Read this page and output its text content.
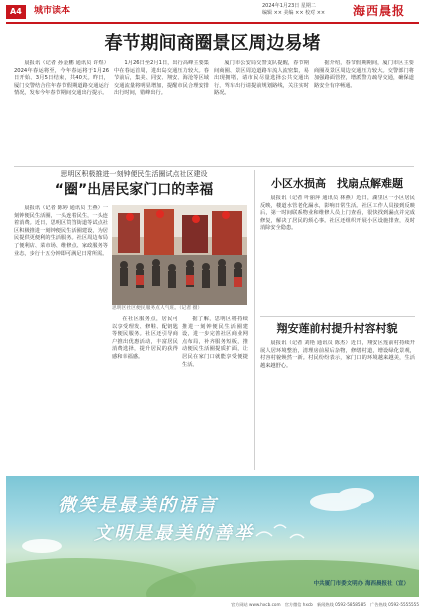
A4	城市读本	2024年1月23日 星期二
编辑 ×× 美编 ×× 校对 ×× 海西晨报
春节期间商圈景区周边易堵

晨报讯（记者 孙金鹏 通讯员 许煜）2024年春运将至，今年春运将于1月26日开始、3月5日结束，共40天。昨日，厦门交警结合往年春节假期道路交通运行情况，发布今年春节期间交通出行提示。

1月26日至2月1日，出行高峰主要集中在春运首周，进出岛交通压力较大。春节前后，集美、同安、翔安、海沧等区域交通流量将明显增加，提醒市民合理安排出行时间，错峰出行。

厦门市公安局交警支队提醒，春节期间商圈、景区周边道路车流人流密集，易出现拥堵，请市民尽量选择公共交通出行，驾车出行请提前规划路线，关注实时路况。

据介绍，春节假期期间，厦门市区主要商圈及景区周边交通压力较大。交警部门将加强路面管控，增派警力疏导交通，确保道路安全有序畅通。

思明区积极推进一刻钟便民生活圈试点社区建设
“圈”出居民家门口的幸福

晨报讯（记者 陈婷 通讯员 王燕）一刻钟便民生活圈，一头连着民生，一头连着消费。近日，思明区筼筜街道等试点社区积极推进一刻钟便民生活圈建设，为居民提供更便利的生活服务。社区周边布局了便利店、菜市场、维修点、家政服务等业态，步行十五分钟即可满足日常所需。

思明区社区便民服务点人气旺。（记者 摄）

在社区服务点，居民可以享受理发、修鞋、配钥匙等便民服务。社区还引导商户推出优惠活动，丰富居民消费选择，提升居民的获得感和幸福感。

据了解，思明区将持续推进一刻钟便民生活圈建设，进一步完善社区商业网点布局，补齐服务短板，推动便民生活圈提质扩面，让居民在家门口就能享受便捷生活。

小区水损高　找扇点解难题

晨报讯（记者 叶丽萍 通讯员 林燕）近日，湖里区一小区居民反映，楼道水管老化漏水，影响日常生活。社区工作人员接到反映后，第一时间联系物业和维修人员上门查看，很快找到漏点并完成修复，解决了居民的烦心事。社区还组织开展小区设施排查，及时消除安全隐患。

翔安莲前村提升村容村貌

晨报讯（记者 刘艳 通讯员 陈杰）近日，翔安区莲前村持续开展人居环境整治，清理房前屋后杂物，修缮村道，增设绿化景观，村容村貌焕然一新。村民纷纷表示，家门口的环境越来越美，生活越来越舒心。

微笑是最美的语言
文明是最美的善举
中共厦门市委文明办 海西晨报社（宣）
官方网站 www.hxcb.com　官方微信 hxcb　新闻热线 0592-5858585　广告热线 0592-5555555
